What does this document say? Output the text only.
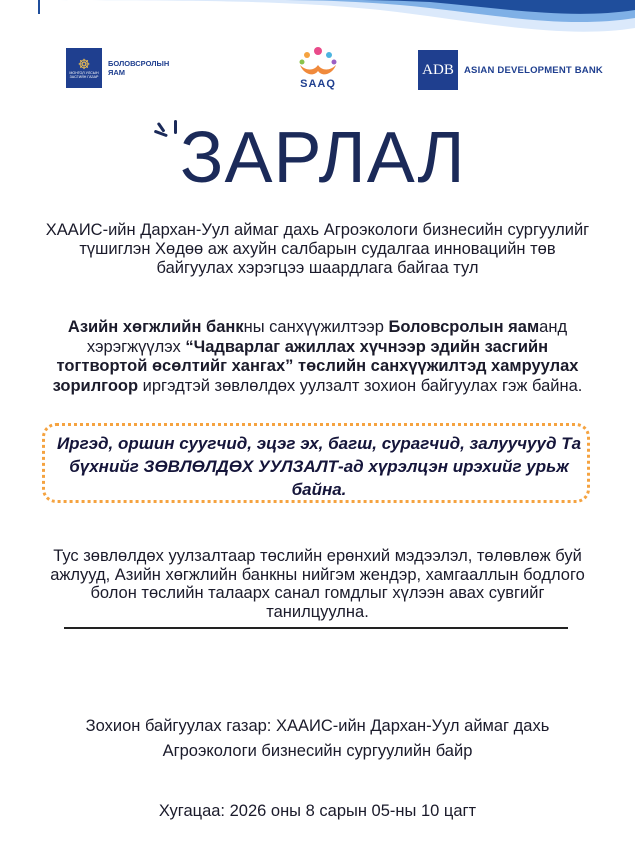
☸
МОНГОЛ УЛСЫН ЗАСГИЙН ГАЗАР
БОЛОВСРОЛЫН ЯАМ
SAAQ
ADB	ASIAN DEVELOPMENT BANK
ЗАРЛАЛ
ХААИС-ийн Дархан-Уул аймаг дахь Агроэкологи бизнесийн сургуулийг түшиглэн Хөдөө аж ахуйн салбарын судалгаа инновацийн төв байгуулах хэрэгцээ шаардлага байгаа тул
Азийн хөгжлийн банкны санхүүжилтээр Боловсролын яаманд хэрэгжүүлэх “Чадварлаг ажиллах хүчнээр эдийн засгийн тогтвортой өсөлтийг хангах” төслийн санхүүжилтэд хамруулах зорилгоор иргэдтэй зөвлөлдөх уулзалт зохион байгуулах гэж байна.
Иргэд, оршин суугчид, эцэг эх, багш, сурагчид, залуучууд Та бүхнийг ЗӨВЛӨЛДӨХ УУЛЗАЛТ-ад хүрэлцэн ирэхийг урьж байна.
Тус зөвлөлдөх уулзалтаар төслийн ерөнхий мэдээлэл, төлөвлөж буй ажлууд, Азийн хөгжлийн банкны нийгэм жендэр, хамгааллын бодлого болон төслийн талаарх санал гомдлыг хүлээн авах сувгийг танилцуулна.
Зохион байгуулах газар: ХААИС-ийн Дархан-Уул аймаг дахь Агроэкологи бизнесийн сургуулийн байр
Хугацаа: 2026 оны 8 сарын 05-ны 10 цагт
